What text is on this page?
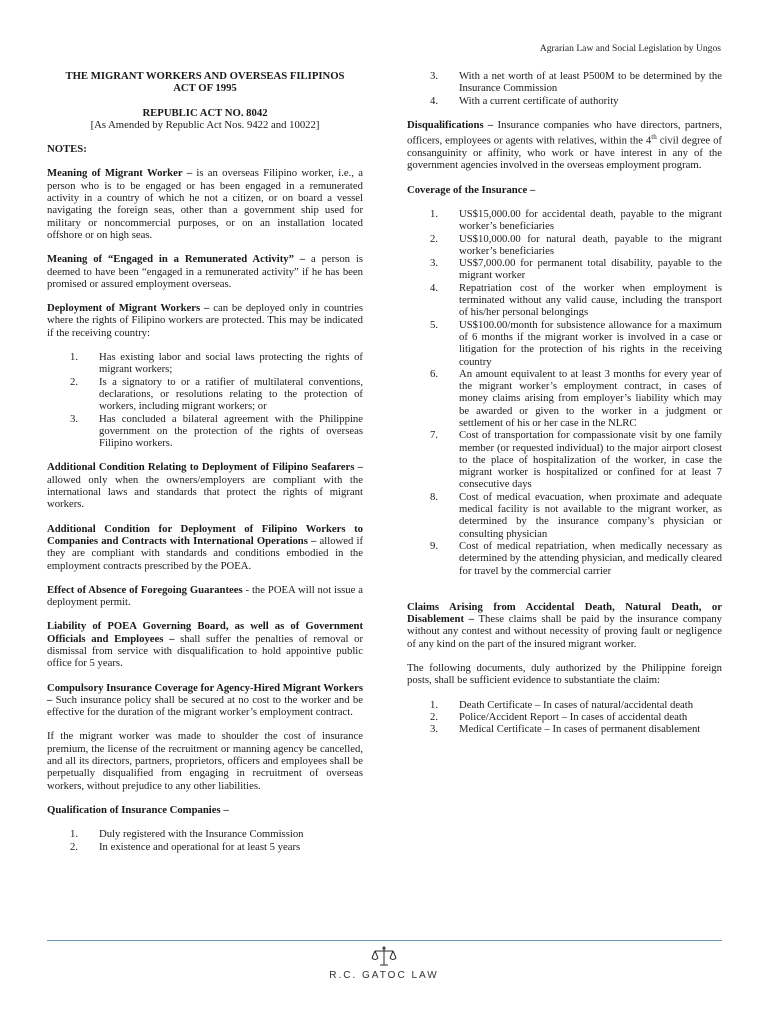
Agrarian Law and Social Legislation by Ungos
THE MIGRANT WORKERS AND OVERSEAS FILIPINOS
ACT OF 1995
REPUBLIC ACT NO. 8042
[As Amended by Republic Act Nos. 9422 and 10022]
NOTES:

Meaning of Migrant Worker – is an overseas Filipino worker, i.e., a person who is to be engaged or has been engaged in a remunerated activity in a country of which he not a citizen, or on board a vessel navigating the foreign seas, other than a government ship used for military or noncommercial purposes, or on an installation located offshore or on high seas.

Meaning of “Engaged in a Remunerated Activity” – a person is deemed to have been “engaged in a remunerated activity” if he has been promised or assured employment overseas.

Deployment of Migrant Workers – can be deployed only in countries where the rights of Filipino workers are protected. This may be indicated if the receiving country:

1. Has existing labor and social laws protecting the rights of migrant workers;
2. Is a signatory to or a ratifier of multilateral conventions, declarations, or resolutions relating to the protection of workers, including migrant workers; or
3. Has concluded a bilateral agreement with the Philippine government on the protection of the rights of overseas Filipino workers.

Additional Condition Relating to Deployment of Filipino Seafarers – allowed only when the owners/employers are compliant with the international laws and standards that protect the rights of migrant workers.

Additional Condition for Deployment of Filipino Workers to Companies and Contracts with International Operations – allowed if they are compliant with standards and conditions embodied in the employment contracts prescribed by the POEA.

Effect of Absence of Foregoing Guarantees - the POEA will not issue a deployment permit.

Liability of POEA Governing Board, as well as of Government Officials and Employees – shall suffer the penalties of removal or dismissal from service with disqualification to hold appointive public office for 5 years.

Compulsory Insurance Coverage for Agency-Hired Migrant Workers – Such insurance policy shall be secured at no cost to the worker and be effective for the duration of the migrant worker’s employment contract.

If the migrant worker was made to shoulder the cost of insurance premium, the license of the recruitment or manning agency be cancelled, and all its directors, partners, proprietors, officers and employees shall be perpetually disqualified from engaging in recruitment of overseas workers, without prejudice to any other liabilities.

Qualification of Insurance Companies –

1. Duly registered with the Insurance Commission
2. In existence and operational for at least 5 years
3. With a net worth of at least P500M to be determined by the Insurance Commission
4. With a current certificate of authority

Disqualifications – Insurance companies who have directors, partners, officers, employees or agents with relatives, within the 4th civil degree of consanguinity or affinity, who work or have interest in any of the government agencies involved in the overseas employment program.

Coverage of the Insurance –

1. US$15,000.00 for accidental death, payable to the migrant worker’s beneficiaries
2. US$10,000.00 for natural death, payable to the migrant worker’s beneficiaries
3. US$7,000.00 for permanent total disability, payable to the migrant worker
4. Repatriation cost of the worker when employment is terminated without any valid cause, including the transport of his/her personal belongings
5. US$100.00/month for subsistence allowance for a maximum of 6 months if the migrant worker is involved in a case or litigation for the protection of his rights in the receiving country
6. An amount equivalent to at least 3 months for every year of the migrant worker’s employment contract, in cases of money claims arising from employer’s liability which may be awarded or given to the worker in a judgment or settlement of his or her case in the NLRC
7. Cost of transportation for compassionate visit by one family member (or requested individual) to the major airport closest to the place of hospitalization of the worker, in case the migrant worker is hospitalized or confined for at least 7 consecutive days
8. Cost of medical evacuation, when proximate and adequate medical facility is not available to the migrant worker, as determined by the insurance company’s physician or consulting physician
9. Cost of medical repatriation, when medically necessary as determined by the attending physician, and medically cleared for travel by the commercial carrier

Claims Arising from Accidental Death, Natural Death, or Disablement – These claims shall be paid by the insurance company without any contest and without necessity of proving fault or negligence of any kind on the part of the insured migrant worker.

The following documents, duly authorized by the Philippine foreign posts, shall be sufficient evidence to substantiate the claim:

1. Death Certificate – In cases of natural/accidental death
2. Police/Accident Report – In cases of accidental death
3. Medical Certificate – In cases of permanent disablement
R.C. GATOC LAW
